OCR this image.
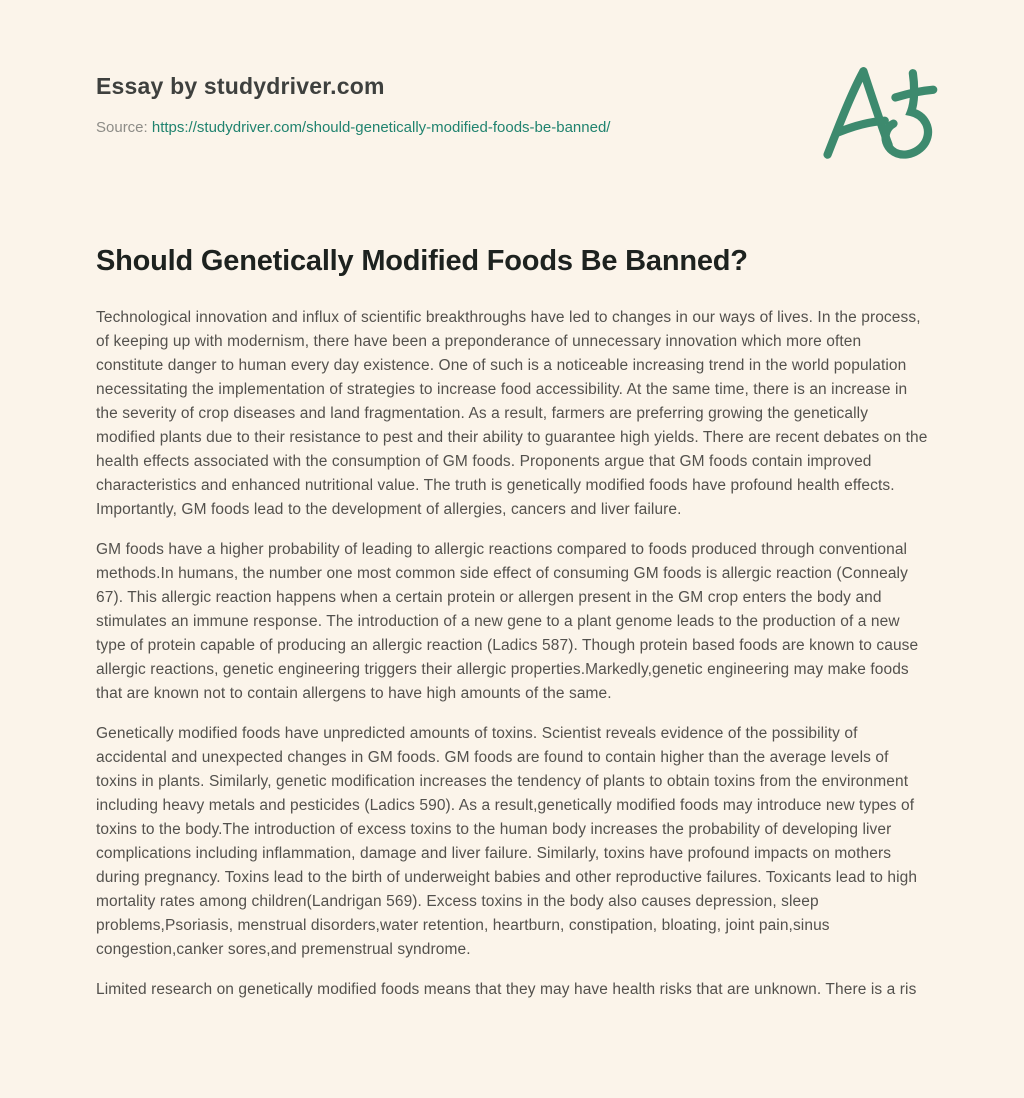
Essay by studydriver.com
Source: https://studydriver.com/should-genetically-modified-foods-be-banned/
Should Genetically Modified Foods Be Banned?

Technological innovation and influx of scientific breakthroughs have led to changes in our ways of lives. In the process, of keeping up with modernism, there have been a preponderance of unnecessary innovation which more often constitute danger to human every day existence. One of such is a noticeable increasing trend in the world population necessitating the implementation of strategies to increase food accessibility. At the same time, there is an increase in the severity of crop diseases and land fragmentation. As a result, farmers are preferring growing the genetically modified plants due to their resistance to pest and their ability to guarantee high yields. There are recent debates on the health effects associated with the consumption of GM foods. Proponents argue that GM foods contain improved characteristics and enhanced nutritional value. The truth is genetically modified foods have profound health effects. Importantly, GM foods lead to the development of allergies, cancers and liver failure.

GM foods have a higher probability of leading to allergic reactions compared to foods produced through conventional methods.In humans, the number one most common side effect of consuming GM foods is allergic reaction (Connealy 67). This allergic reaction happens when a certain protein or allergen present in the GM crop enters the body and stimulates an immune response. The introduction of a new gene to a plant genome leads to the production of a new type of protein capable of producing an allergic reaction (Ladics 587). Though protein based foods are known to cause allergic reactions, genetic engineering triggers their allergic properties.Markedly,genetic engineering may make foods that are known not to contain allergens to have high amounts of the same.

Genetically modified foods have unpredicted amounts of toxins. Scientist reveals evidence of the possibility of accidental and unexpected changes in GM foods. GM foods are found to contain higher than the average levels of toxins in plants. Similarly, genetic modification increases the tendency of plants to obtain toxins from the environment including heavy metals and pesticides (Ladics 590). As a result,genetically modified foods may introduce new types of toxins to the body.The introduction of excess toxins to the human body increases the probability of developing liver complications including inflammation, damage and liver failure. Similarly, toxins have profound impacts on mothers during pregnancy. Toxins lead to the birth of underweight babies and other reproductive failures. Toxicants lead to high mortality rates among children(Landrigan 569). Excess toxins in the body also causes depression, sleep problems,Psoriasis, menstrual disorders,water retention, heartburn, constipation, bloating, joint pain,sinus congestion,canker sores,and premenstrual syndrome.

Limited research on genetically modified foods means that they may have health risks that are unknown. There is a ris
